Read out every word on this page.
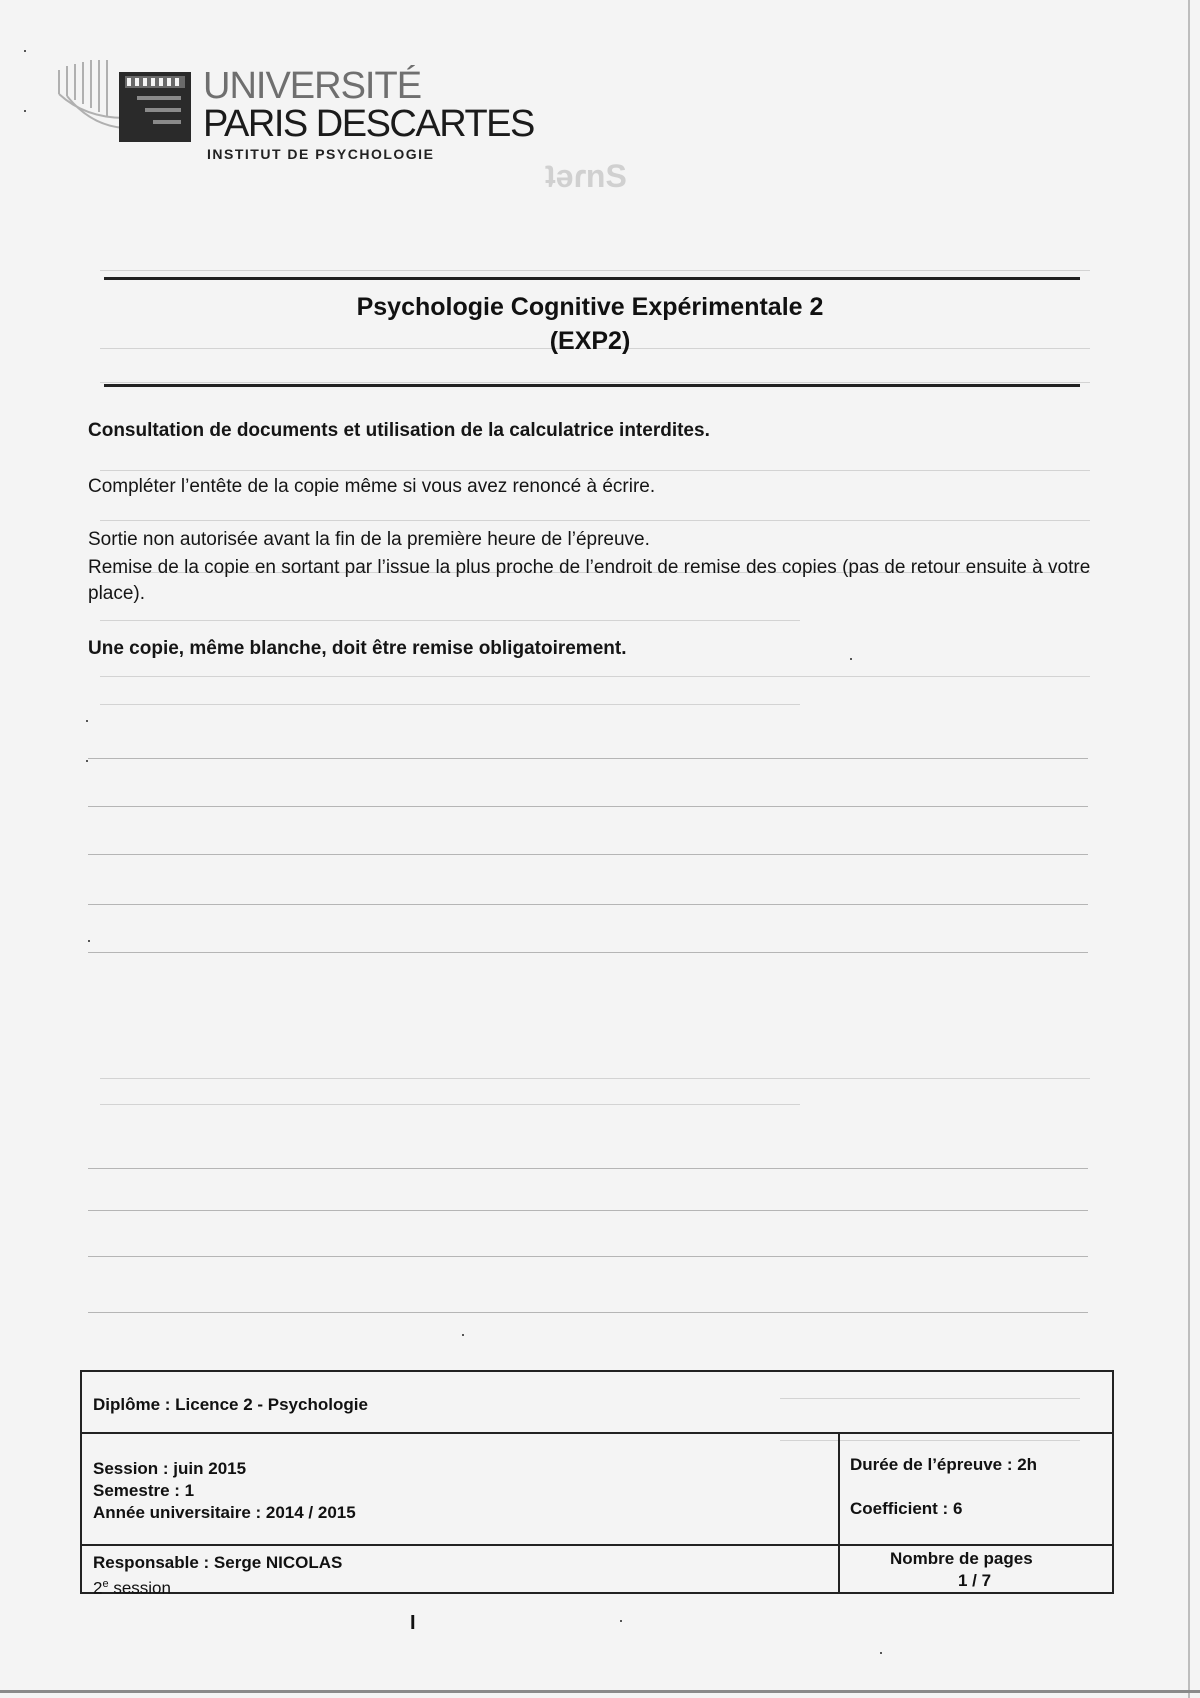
ʇǝɾnS
UNIVERSITÉ
PARIS DESCARTES
INSTITUT DE PSYCHOLOGIE
Psychologie Cognitive Expérimentale 2
(EXP2)
Consultation de documents et utilisation de la calculatrice interdites.
Compléter l’entête de la copie même si vous avez renoncé à écrire.
Sortie non autorisée avant la fin de la première heure de l’épreuve.
Remise de la copie en sortant par l’issue la plus proche de l’endroit de remise des copies (pas de retour ensuite à votre place).
Une copie, même blanche, doit être remise obligatoirement.
Diplôme : Licence 2 - Psychologie
Session : juin 2015
Semestre : 1
Année universitaire : 2014 / 2015
Durée de l’épreuve : 2h
Coefficient : 6
Responsable : Serge NICOLAS
2e session
Nombre de pages
1 / 7
I
